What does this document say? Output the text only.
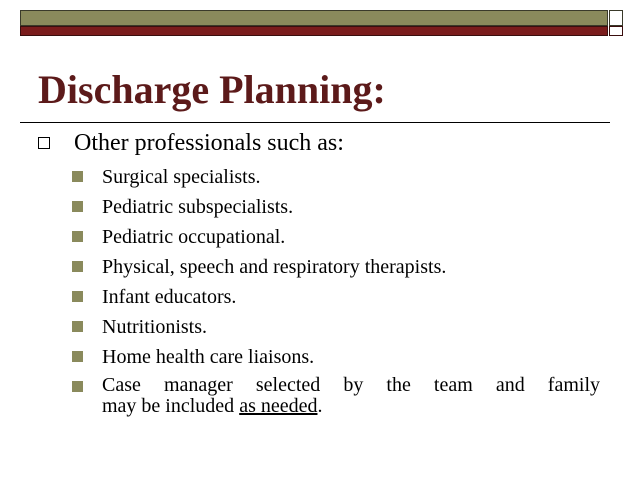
Discharge Planning:
Other professionals such as:
Surgical specialists.
Pediatric subspecialists.
Pediatric occupational.
Physical, speech and respiratory therapists.
Infant educators.
Nutritionists.
Home health care liaisons.
Case manager selected by the team and family
may be included as needed.
